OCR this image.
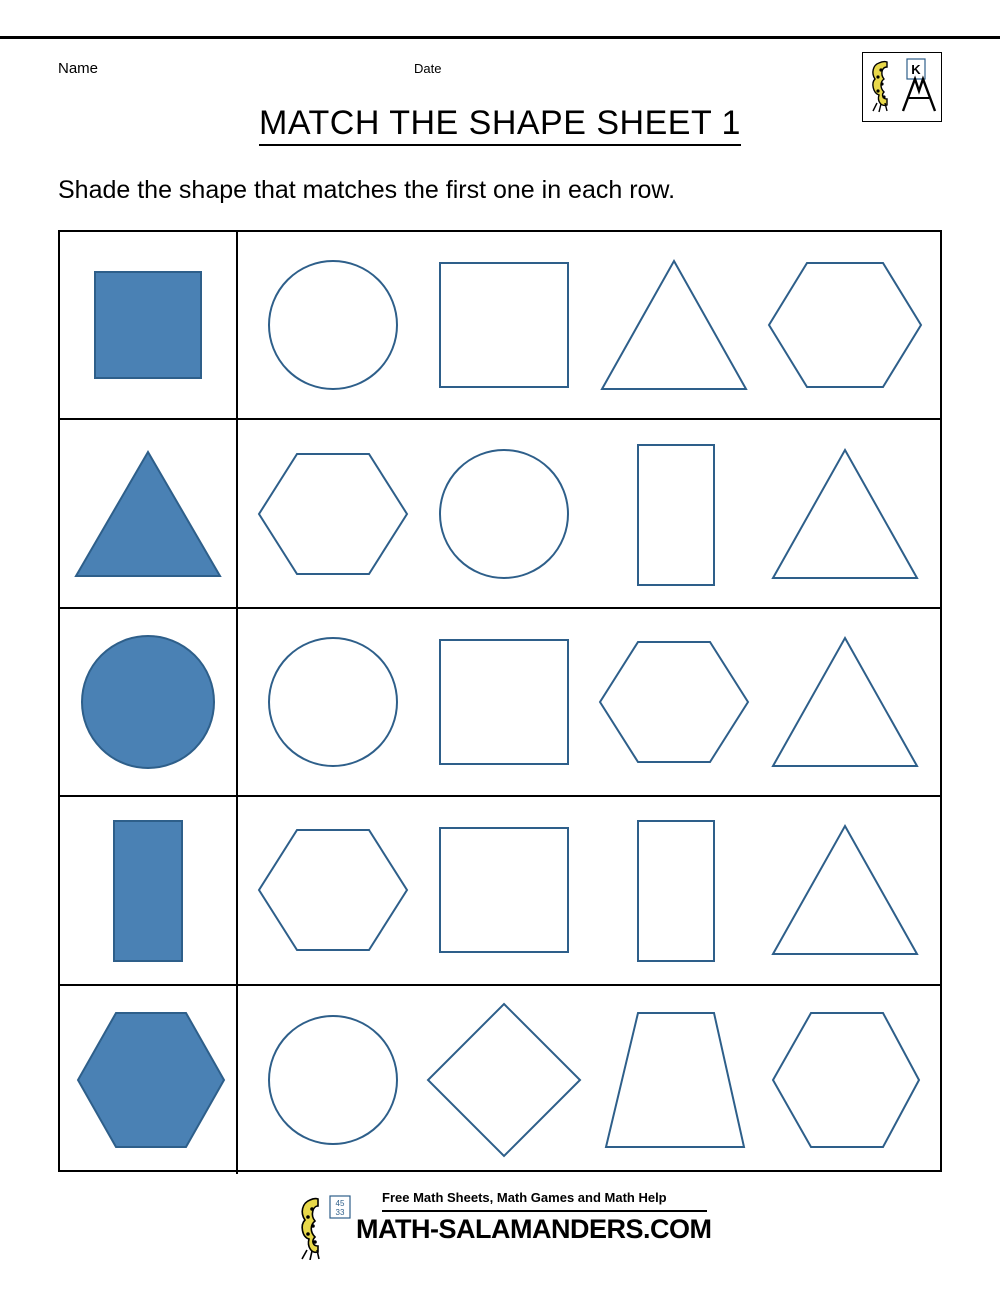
Name	Date	K
MATCH THE SHAPE SHEET 1
Shade the shape that matches the first one in each row.
45
33
Free Math Sheets, Math Games and Math Help
MATH-SALAMANDERS.COM
